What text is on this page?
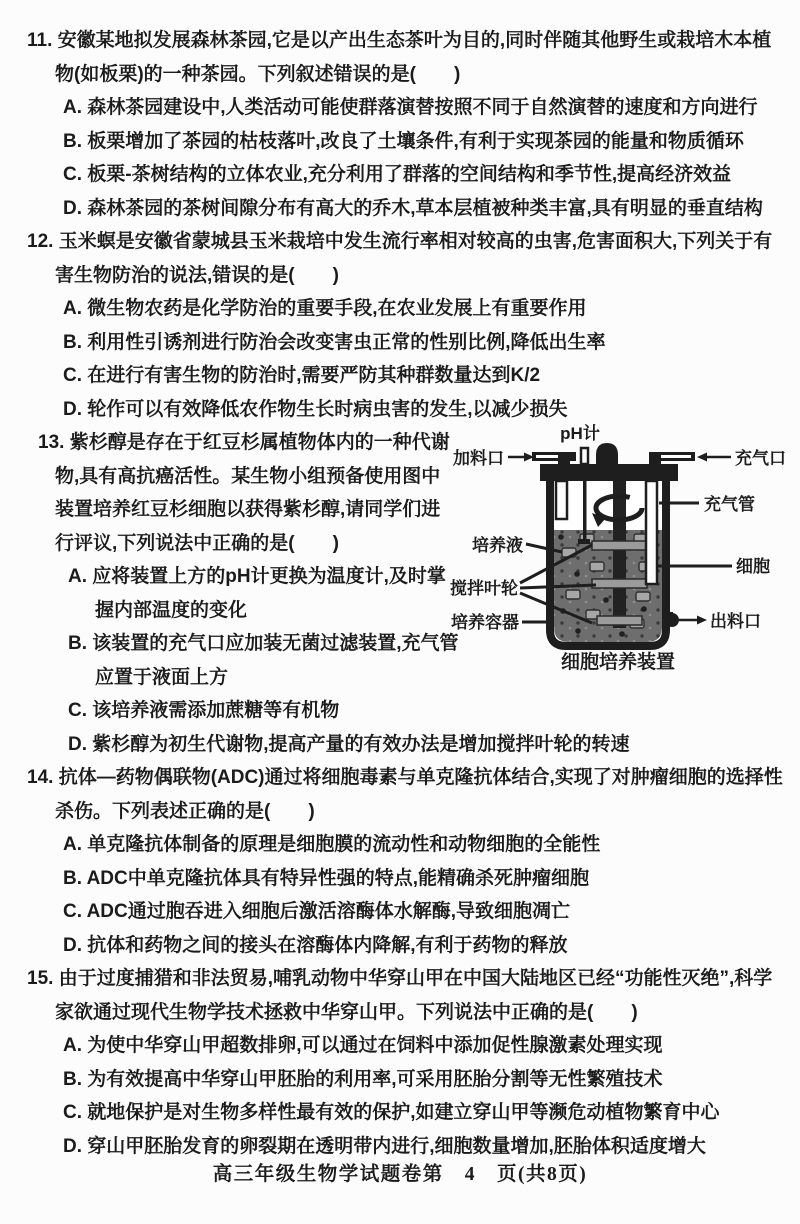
11. 安徽某地拟发展森林茶园,它是以产出生态茶叶为目的,同时伴随其他野生或栽培木本植
物(如板栗)的一种茶园。下列叙述错误的是(　　)
A. 森林茶园建设中,人类活动可能使群落演替按照不同于自然演替的速度和方向进行
B. 板栗增加了茶园的枯枝落叶,改良了土壤条件,有利于实现茶园的能量和物质循环
C. 板栗-茶树结构的立体农业,充分利用了群落的空间结构和季节性,提高经济效益
D. 森林茶园的茶树间隙分布有高大的乔木,草本层植被种类丰富,具有明显的垂直结构
12. 玉米螟是安徽省蒙城县玉米栽培中发生流行率相对较高的虫害,危害面积大,下列关于有
害生物防治的说法,错误的是(　　)
A. 微生物农药是化学防治的重要手段,在农业发展上有重要作用
B. 利用性引诱剂进行防治会改变害虫正常的性别比例,降低出生率
C. 在进行有害生物的防治时,需要严防其种群数量达到K/2
D. 轮作可以有效降低农作物生长时病虫害的发生,以减少损失
13. 紫杉醇是存在于红豆杉属植物体内的一种代谢
物,具有高抗癌活性。某生物小组预备使用图中
装置培养红豆杉细胞以获得紫杉醇,请同学们进
行评议,下列说法中正确的是(　　)
A. 应将装置上方的pH计更换为温度计,及时掌
握内部温度的变化
B. 该装置的充气口应加装无菌过滤装置,充气管
应置于液面上方
C. 该培养液需添加蔗糖等有机物
D. 紫杉醇为初生代谢物,提高产量的有效办法是增加搅拌叶轮的转速
14. 抗体—药物偶联物(ADC)通过将细胞毒素与单克隆抗体结合,实现了对肿瘤细胞的选择性
杀伤。下列表述正确的是(　　)
A. 单克隆抗体制备的原理是细胞膜的流动性和动物细胞的全能性
B. ADC中单克隆抗体具有特异性强的特点,能精确杀死肿瘤细胞
C. ADC通过胞吞进入细胞后激活溶酶体水解酶,导致细胞凋亡
D. 抗体和药物之间的接头在溶酶体内降解,有利于药物的释放
15. 由于过度捕猎和非法贸易,哺乳动物中华穿山甲在中国大陆地区已经“功能性灭绝”,科学
家欲通过现代生物学技术拯救中华穿山甲。下列说法中正确的是(　　)
A. 为使中华穿山甲超数排卵,可以通过在饲料中添加促性腺激素处理实现
B. 为有效提高中华穿山甲胚胎的利用率,可采用胚胎分割等无性繁殖技术
C. 就地保护是对生物多样性最有效的保护,如建立穿山甲等濒危动植物繁育中心
D. 穿山甲胚胎发育的卵裂期在透明带内进行,细胞数量增加,胚胎体积适度增大
pH计
加料口	充气口
充气管
培养液
搅拌叶轮
细胞
培养容器	出料口
细胞培养装置
高三年级生物学试题卷第　4　页(共8页)
